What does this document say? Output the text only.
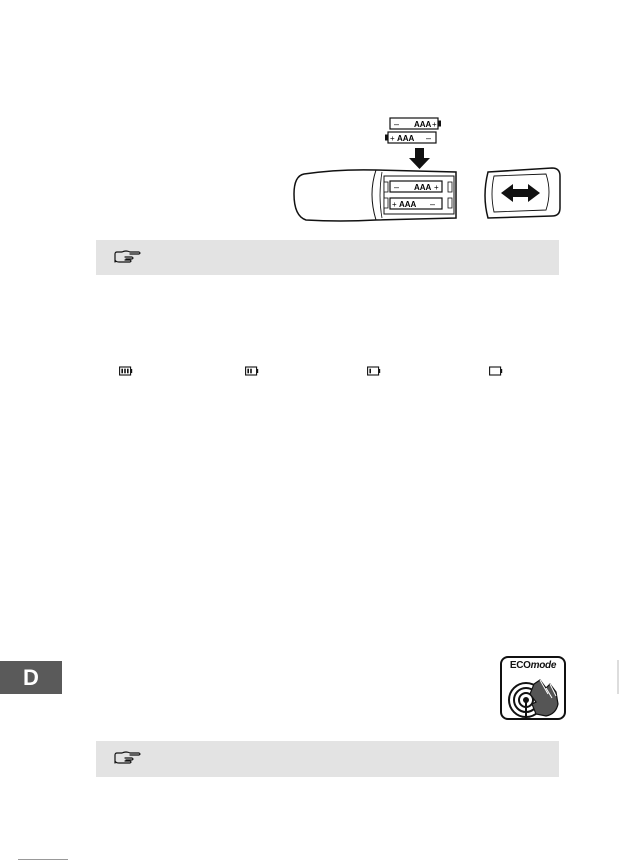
– AAA +
+ AAA –
– AAA +
+ AAA –
D	ECOmode
